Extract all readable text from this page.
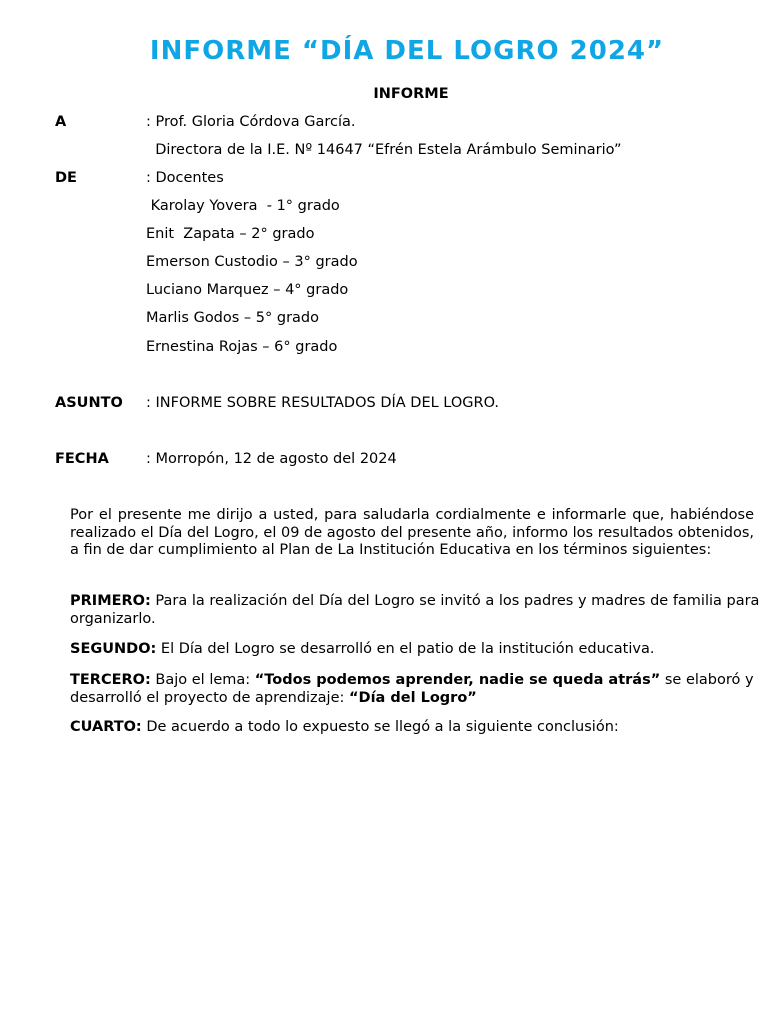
INFORME “DÍA DEL LOGRO 2024”
INFORME
A	: Prof. Gloria Córdova García.
Directora de la I.E. Nº 14647 “Efrén Estela Arámbulo Seminario”
DE	: Docentes
Karolay Yovera  - 1° grado
Enit  Zapata – 2° grado
Emerson Custodio – 3° grado
Luciano Marquez – 4° grado
Marlis Godos – 5° grado
Ernestina Rojas – 6° grado
ASUNTO : INFORME SOBRE RESULTADOS DÍA DEL LOGRO.
FECHA	: Morropón, 12 de agosto del 2024
Por el presente me dirijo a usted, para saludarla cordialmente e informarle que, habiéndose realizado el Día del Logro, el 09 de agosto del presente año, informo los resultados obtenidos, a fin de dar cumplimiento al Plan de La Institución Educativa en los términos siguientes:
PRIMERO: Para la realización del Día del Logro se invitó a los padres y madres de familia para organizarlo.
SEGUNDO: El Día del Logro se desarrolló en el patio de la institución educativa.
TERCERO: Bajo el lema: “Todos podemos aprender, nadie se queda atrás” se elaboró y desarrolló el proyecto de aprendizaje: “Día del Logro”
CUARTO: De acuerdo a todo lo expuesto se llegó a la siguiente conclusión:
